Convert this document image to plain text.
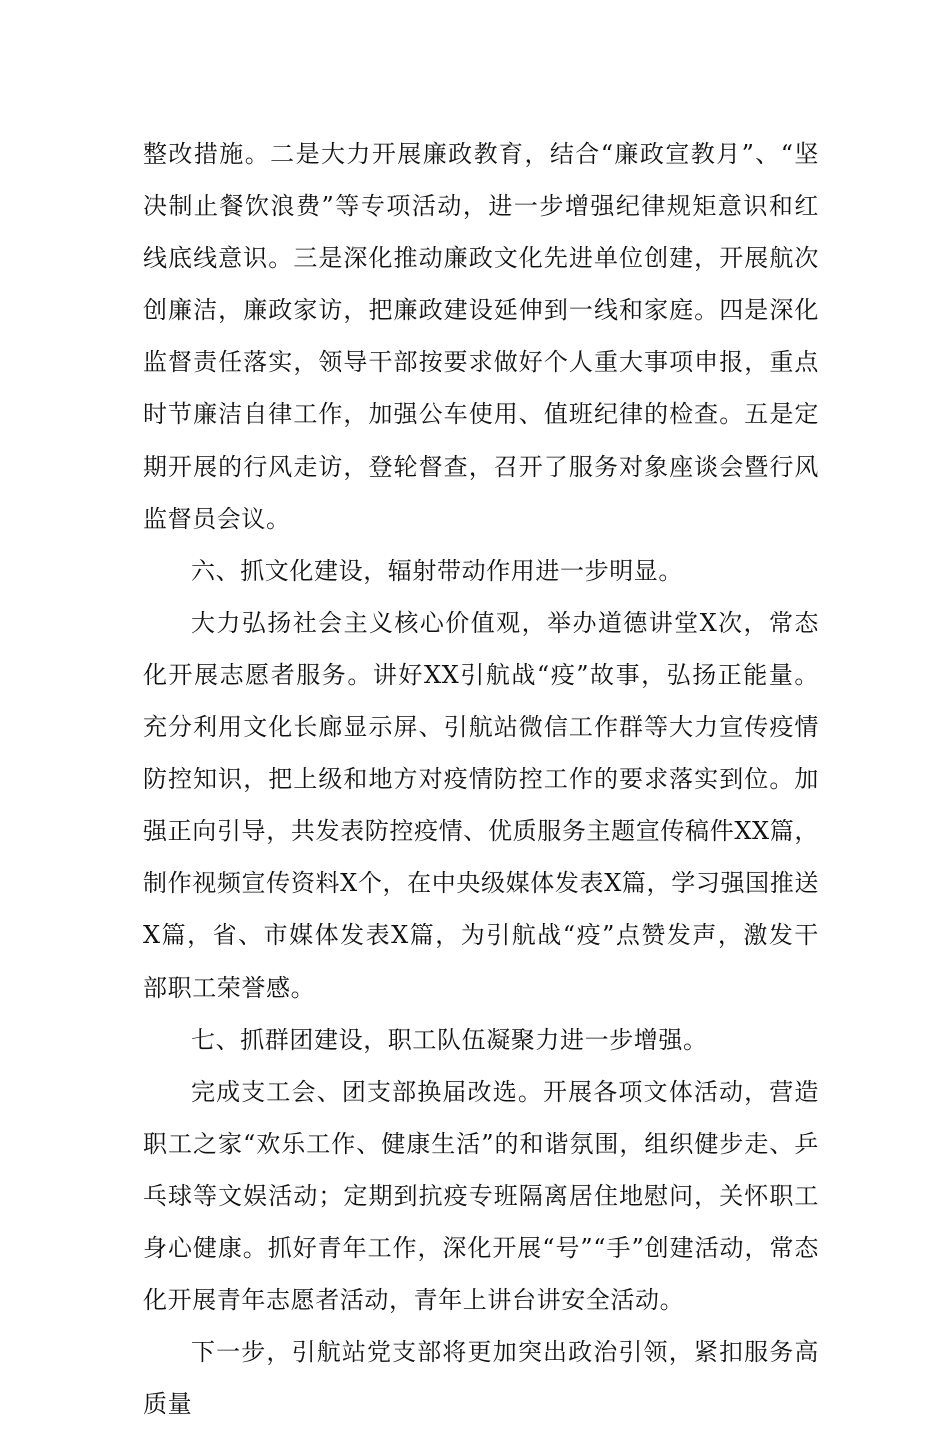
整改措施。二是大力开展廉政教育，结合“廉政宣教月”、“坚决制止餐饮浪费”等专项活动，进一步增强纪律规矩意识和红线底线意识。三是深化推动廉政文化先进单位创建，开展航次创廉洁，廉政家访，把廉政建设延伸到一线和家庭。四是深化监督责任落实，领导干部按要求做好个人重大事项申报，重点时节廉洁自律工作，加强公车使用、值班纪律的检查。五是定期开展的行风走访，登轮督查，召开了服务对象座谈会暨行风监督员会议。

六、抓文化建设，辐射带动作用进一步明显。

大力弘扬社会主义核心价值观，举办道德讲堂X次，常态化开展志愿者服务。讲好XX引航战“疫”故事，弘扬正能量。充分利用文化长廊显示屏、引航站微信工作群等大力宣传疫情防控知识，把上级和地方对疫情防控工作的要求落实到位。加强正向引导，共发表防控疫情、优质服务主题宣传稿件XX篇，制作视频宣传资料X个，在中央级媒体发表X篇，学习强国推送X篇，省、市媒体发表X篇，为引航战“疫”点赞发声，激发干部职工荣誉感。

七、抓群团建设，职工队伍凝聚力进一步增强。

完成支工会、团支部换届改选。开展各项文体活动，营造职工之家“欢乐工作、健康生活”的和谐氛围，组织健步走、乒乓球等文娱活动；定期到抗疫专班隔离居住地慰问，关怀职工身心健康。抓好青年工作，深化开展“号”“手”创建活动，常态化开展青年志愿者活动，青年上讲台讲安全活动。

下一步，引航站党支部将更加突出政治引领，紧扣服务高质量
